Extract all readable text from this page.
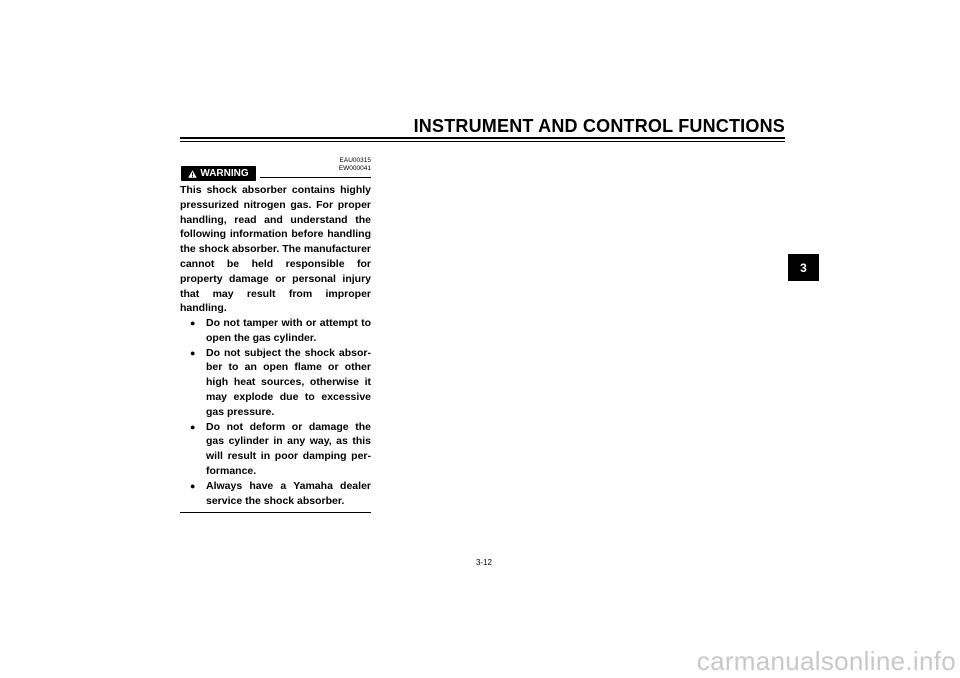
INSTRUMENT AND CONTROL FUNCTIONS
3
EAU00315
EW000041
WARNING

This shock absorber contains highly pressurized nitrogen gas. For proper handling, read and understand the following information before handling the shock absorber. The manufacturer cannot be held responsible for property damage or personal injury that may result from improper handling.

● Do not tamper with or attempt to open the gas cylinder.
● Do not subject the shock absor-ber to an open flame or other high heat sources, otherwise it may explode due to excessive gas pressure.
● Do not deform or damage the gas cylinder in any way, as this will result in poor damping per-formance.
● Always have a Yamaha dealer service the shock absorber.
3-12
carmanualsonline.info
